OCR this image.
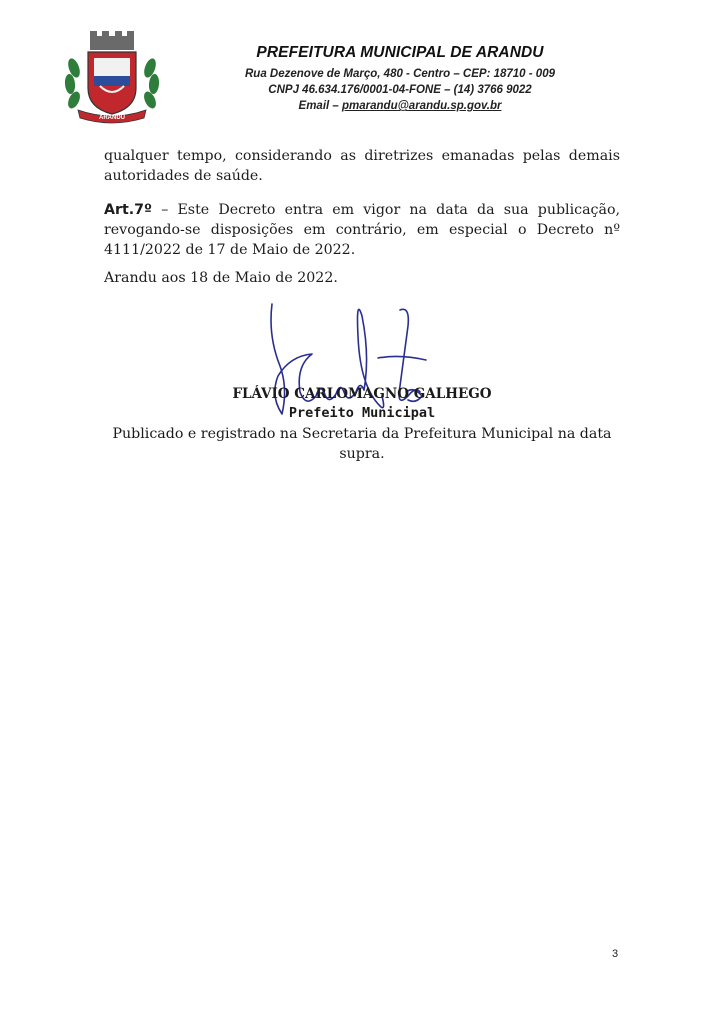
ARANDU
PREFEITURA MUNICIPAL DE ARANDU
Rua Dezenove de Março, 480 - Centro – CEP: 18710 - 009
CNPJ 46.634.176/0001-04-FONE – (14) 3766 9022
Email – pmarandu@arandu.sp.gov.br
qualquer tempo, considerando as diretrizes emanadas pelas demais autoridades de saúde.
Art.7º – Este Decreto entra em vigor na data da sua publicação, revogando-se disposições em contrário, em especial o Decreto nº 4111/2022 de 17 de Maio de 2022.
Arandu aos 18 de Maio de 2022.
FLÁVIO CARLOMAGNO GALHEGO
Prefeito Municipal
Publicado e registrado na Secretaria da Prefeitura Municipal na data supra.
3
